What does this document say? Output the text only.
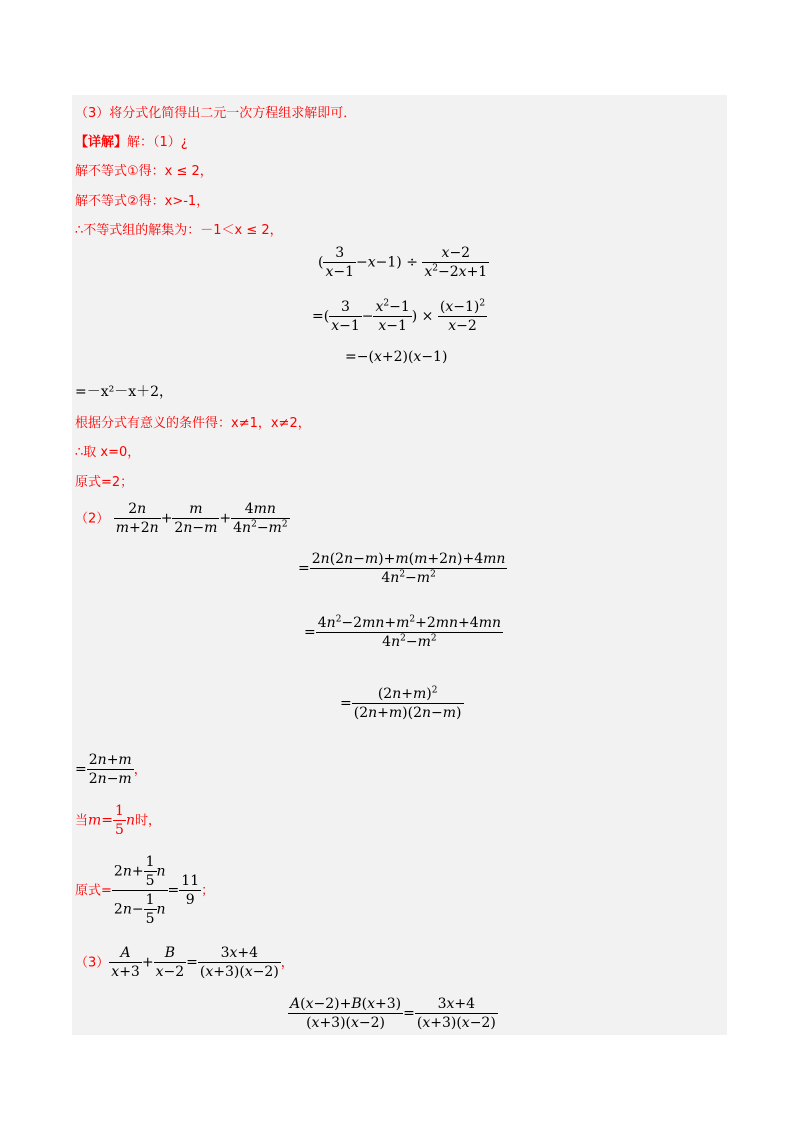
（3）将分式化简得出二元一次方程组求解即可．
【详解】解：（1）¿
解不等式①得：x ≤ 2，
解不等式②得：x>-1，
∴不等式组的解集为：－1＜x ≤ 2，
( $\frac{3}{x-1} -x-1) \div \frac{x-2}{x^2-2x+1}$
=( $\frac{3}{x-1} - \frac{x^2-1}{x-1}$ ) × $\frac{(x-1)^2}{x-2}$
=−(x+2)(x−1)
=－x²－x＋2，
根据分式有意义的条件得：x≠1，x≠2，
∴取 x=0，
原式=2；
$(2) \frac{2n}{m+2n} + \frac{m}{2n-m} + \frac{4mn}{4n^2-m^2}$
= $\frac{2n(2n-m)+m(m+2n)+4mn}{4n^2-m^2}$
= $\frac{4n^2-2mn+m^2+2mn+4mn}{4n^2-m^2}$
= $\frac{(2n+m)^2}{(2n+m)(2n-m)}$
= $\frac{2n+m}{2n-m}$ ，
当$m= \frac{1}{5}$ n时，
原式= $\frac{2n+ \frac{1}{5} n}{2n- \frac{1}{5} n} = \frac{11}{9}$ ；
$(3) \frac{A}{x+3} + \frac{B}{x-2} = \frac{3x+4}{(x+3)(x-2)}$ ，
$\frac{A(x-2)+B(x+3)}{(x+3)(x-2)} = \frac{3x+4}{(x+3)(x-2)}$
